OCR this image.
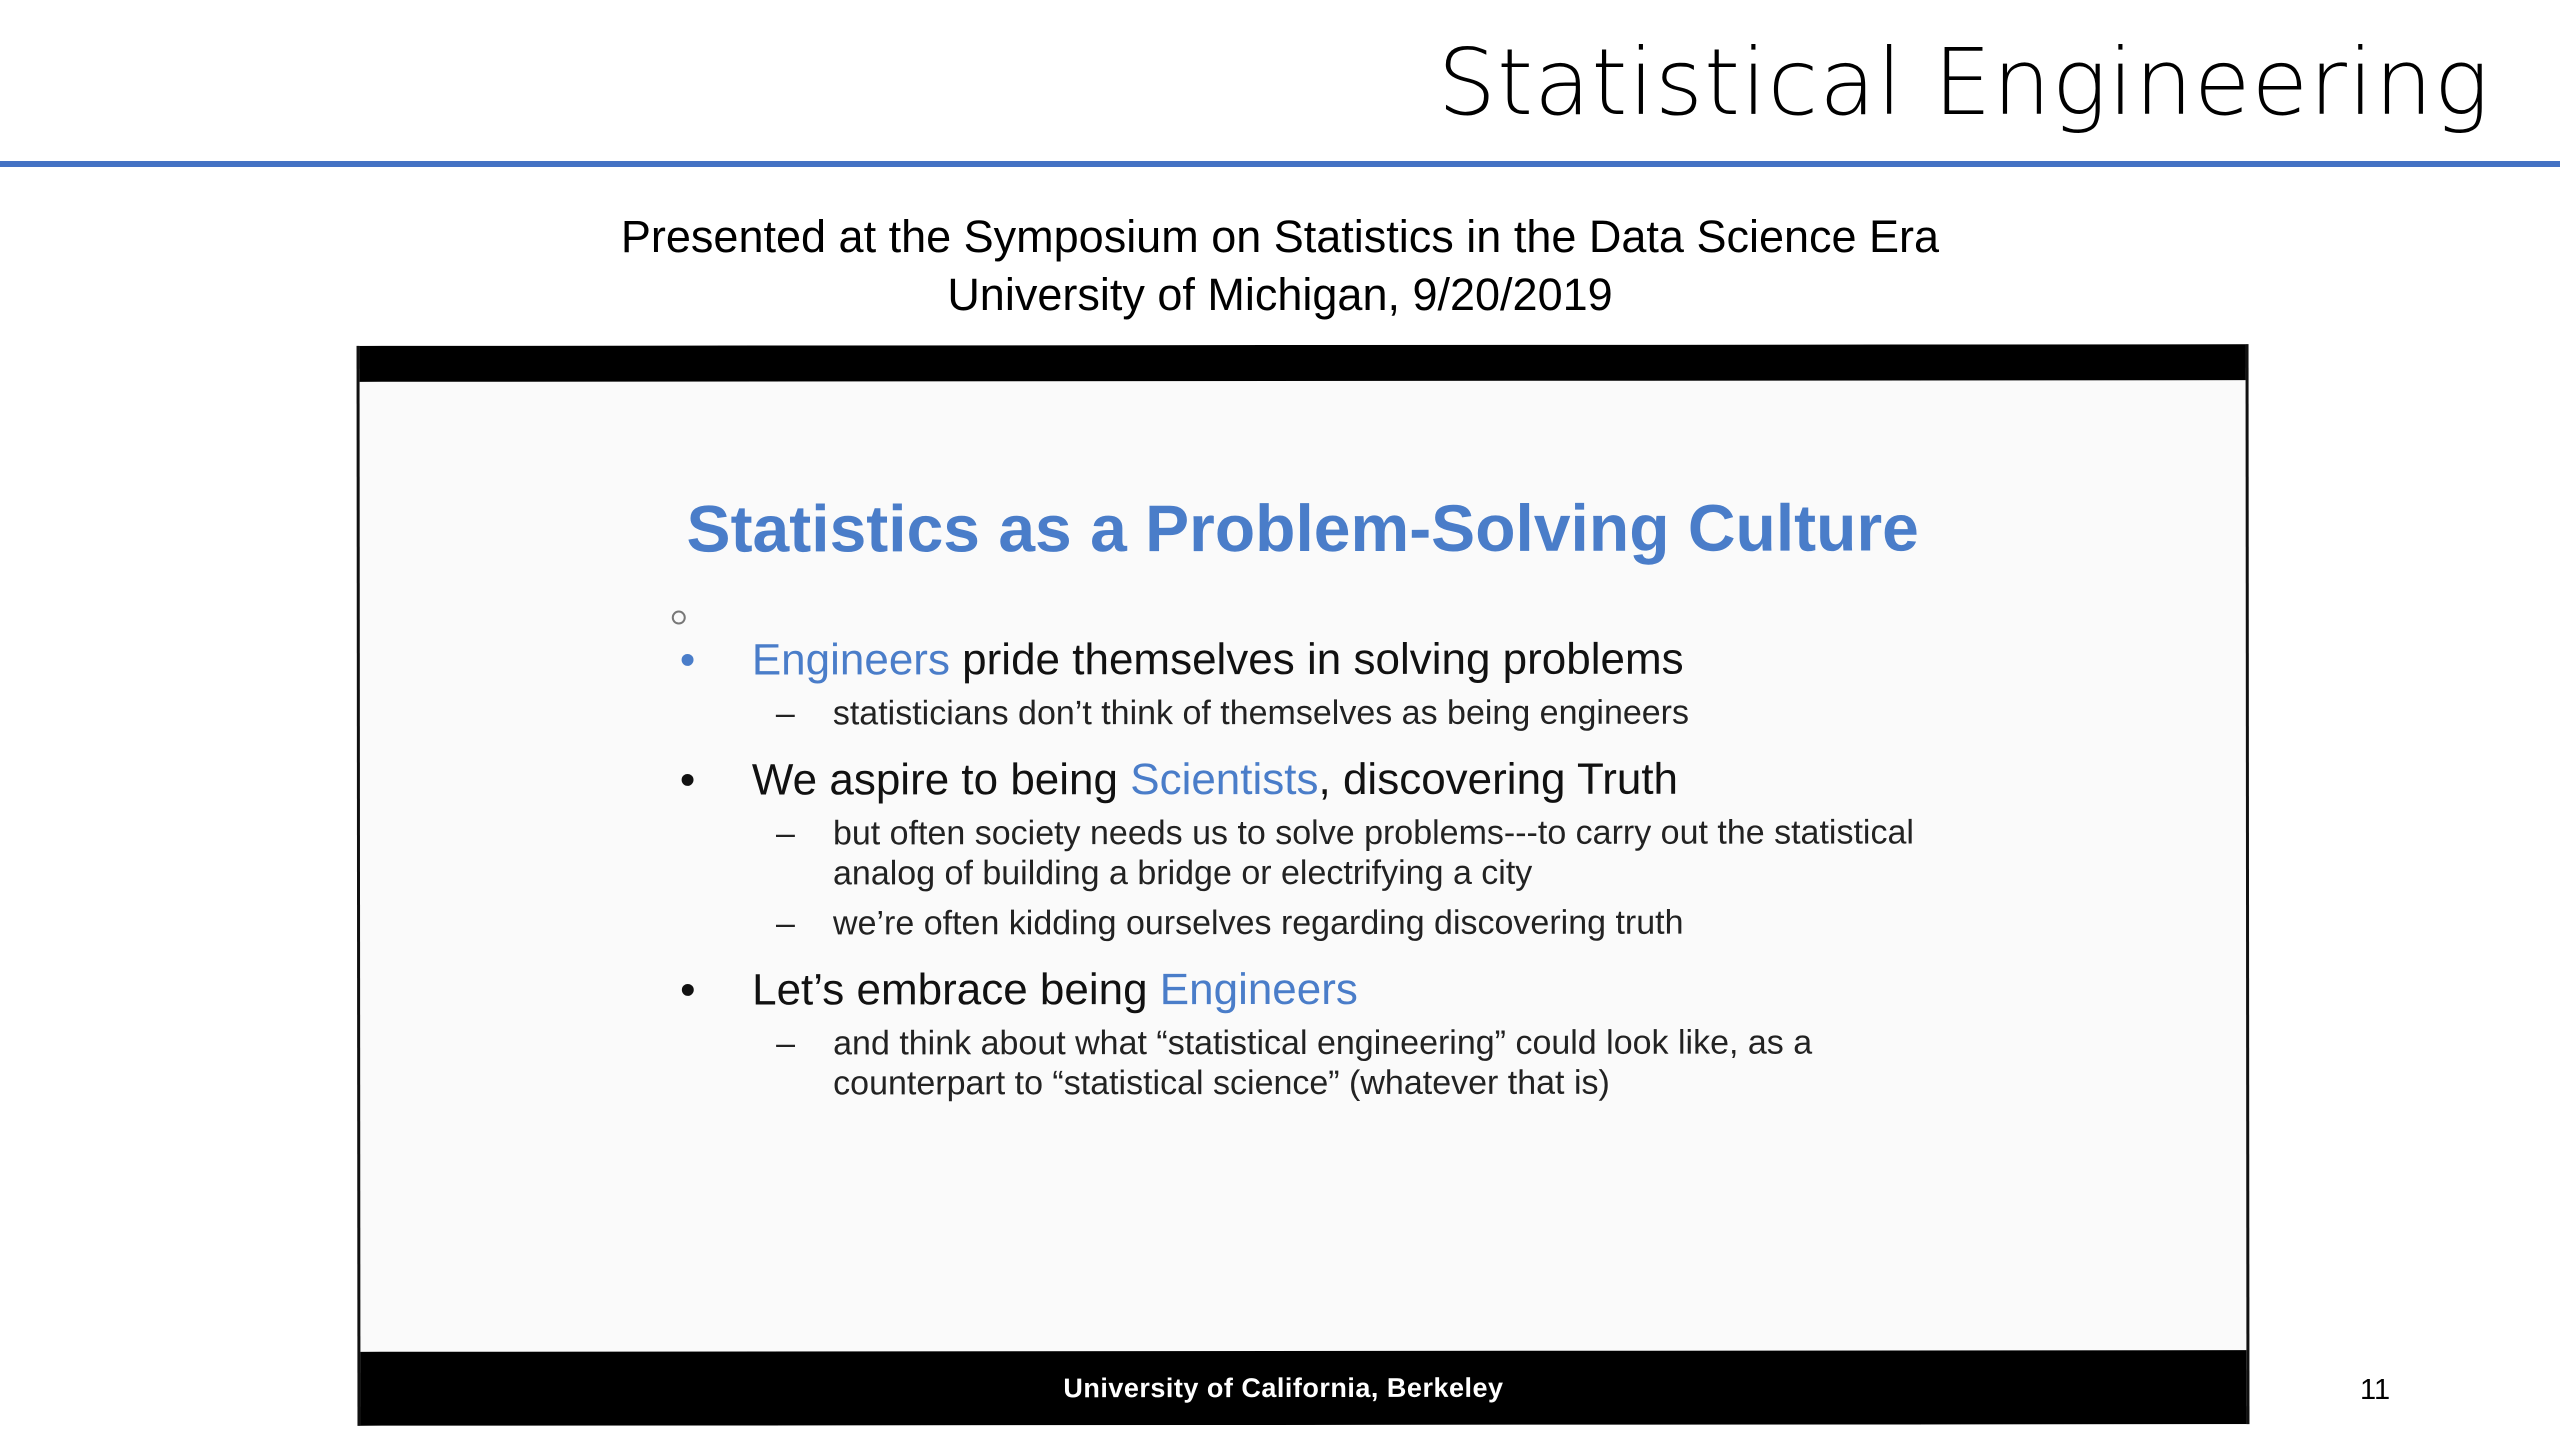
Statistical Engineering
Presented at the Symposium on Statistics in the Data Science Era
University of Michigan, 9/20/2019
Statistics as a Problem-Solving Culture
•	Engineers pride themselves in solving problems
– statisticians don’t think of themselves as being engineers
•	We aspire to being Scientists, discovering Truth
– but often society needs us to solve problems---to carry out the statistical analog of building a bridge or electrifying a city
– we’re often kidding ourselves regarding discovering truth
•	Let’s embrace being Engineers
– and think about what “statistical engineering” could look like, as a counterpart to “statistical science” (whatever that is)
University of California, Berkeley	11
